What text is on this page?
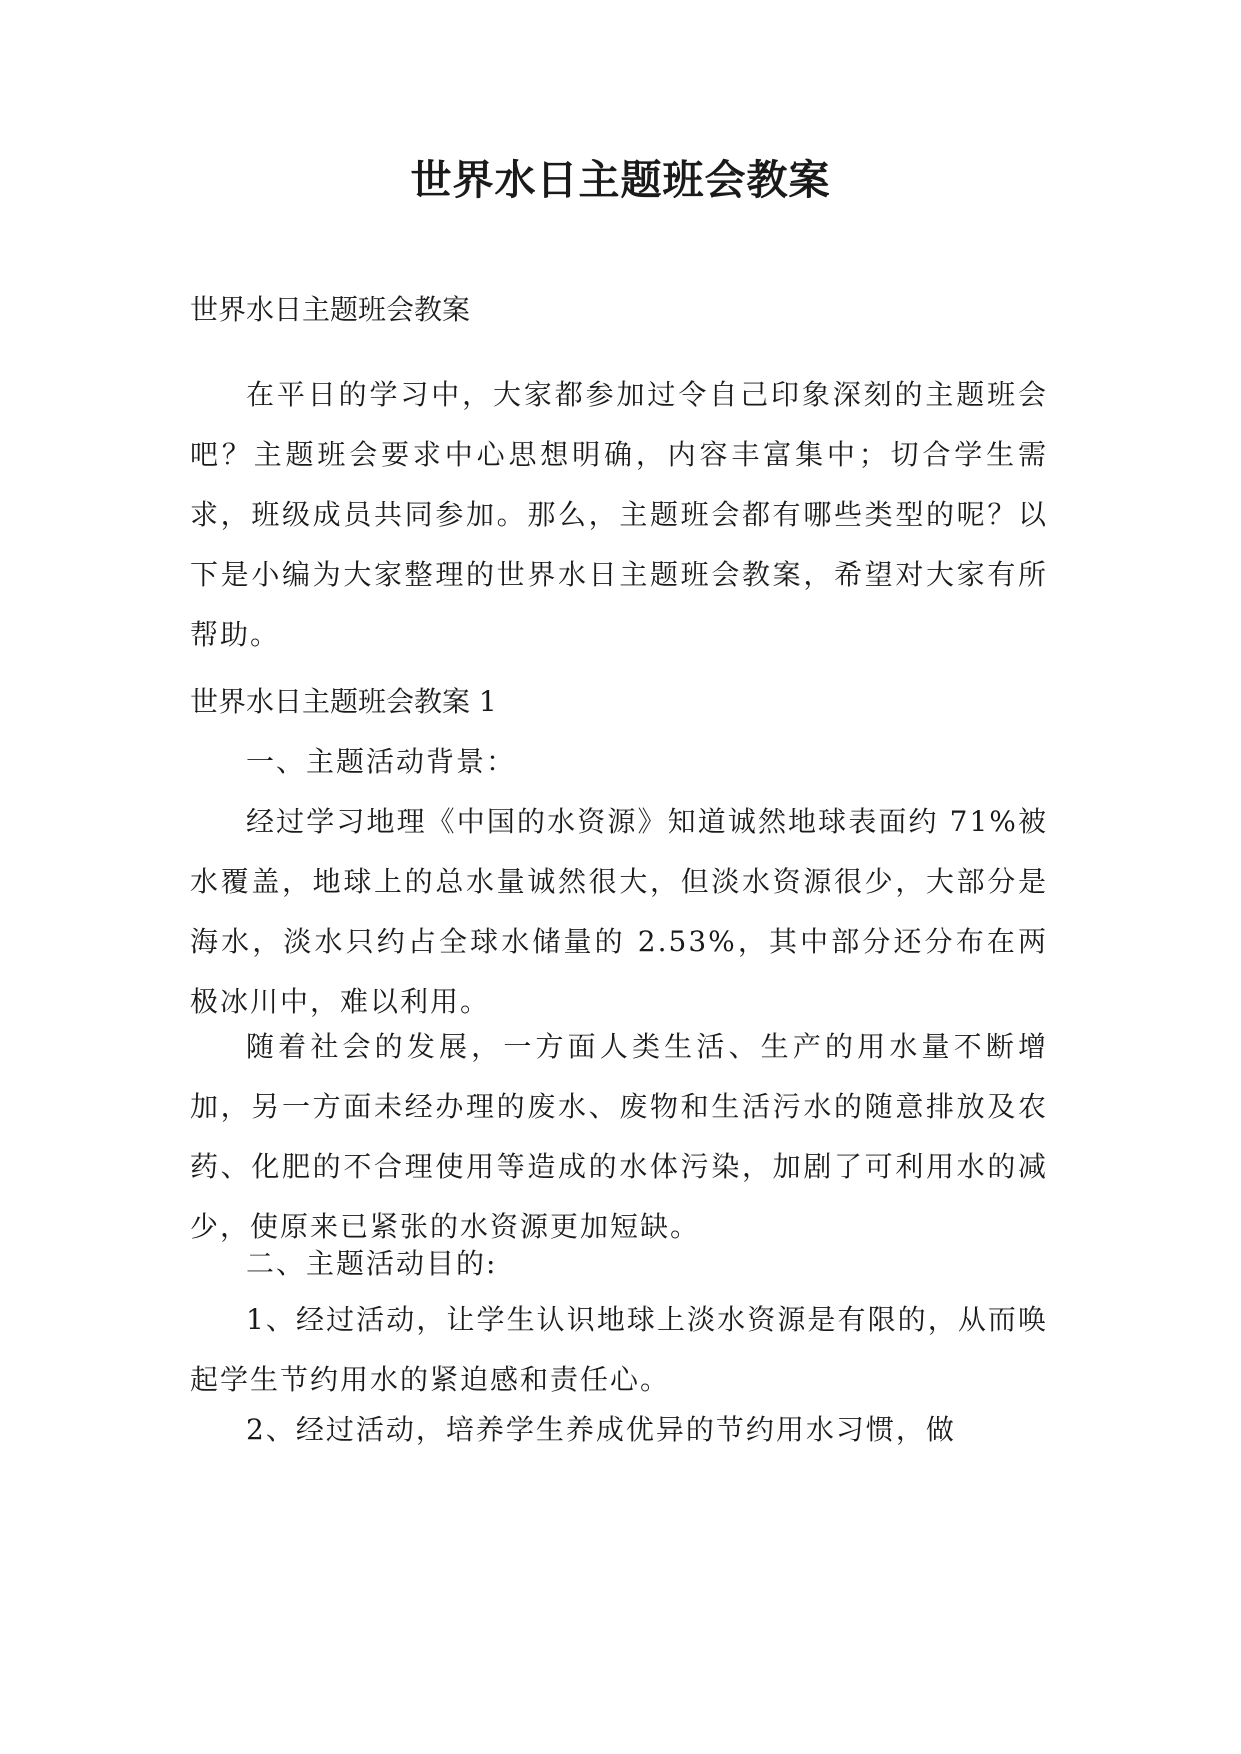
世界水日主题班会教案

世界水日主题班会教案

在平日的学习中，大家都参加过令自己印象深刻的主题班会吧？主题班会要求中心思想明确，内容丰富集中；切合学生需求，班级成员共同参加。那么，主题班会都有哪些类型的呢？以下是小编为大家整理的世界水日主题班会教案，希望对大家有所帮助。

世界水日主题班会教案 1

一、主题活动背景：

经过学习地理《中国的水资源》知道诚然地球表面约 71%被水覆盖，地球上的总水量诚然很大，但淡水资源很少，大部分是海水，淡水只约占全球水储量的 2.53%，其中部分还分布在两极冰川中，难以利用。

随着社会的发展，一方面人类生活、生产的用水量不断增加，另一方面未经办理的废水、废物和生活污水的随意排放及农药、化肥的不合理使用等造成的水体污染，加剧了可利用水的减少，使原来已紧张的水资源更加短缺。

二、主题活动目的:

1、经过活动，让学生认识地球上淡水资源是有限的，从而唤起学生节约用水的紧迫感和责任心。

2、经过活动，培养学生养成优异的节约用水习惯，做
